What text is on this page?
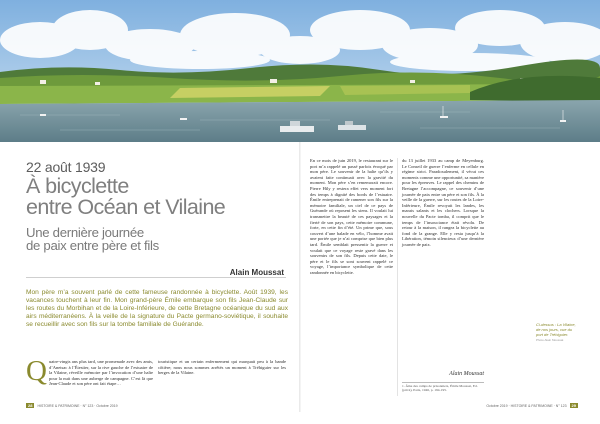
22 août 1939
À bicyclette
entre Océan et Vilaine
Une dernière journée
de paix entre père et fils
Alain Moussat

Mon père m’a souvent parlé de cette fameuse randonnée à bicyclette. Août 1939, les vacances touchent à leur fin. Mon grand-père Émile embarque son fils Jean-Claude sur les routes du Morbihan et de la Loire-Inférieure, de cette Bretagne océanique du sud aux airs méditerranéens. À la veille de la signature du Pacte germano-soviétique, il souhaite se recueillir avec son fils sur la tombe familiale de Guérande.

Q uatre-vingts ans plus tard, une promenade avec des amis, d’Anetsac à l’Étestier, sur la rive gauche de l’estuaire de la Vilaine, réveille mémoire par l’invocation d’une halte pour la nuit dans une auberge de campagne. C’est là que Jean-Claude et son père ont fait étape…
touristique et un certain enfermement qui marquait peu à la bande côtière; nous nous sommes arrêtés un moment à Tréhiguier sur les berges de la Vilaine.
28	HISTOIRE & PATRIMOINE · N° 123 · Octobre 2019
En ce mois de juin 2019, le restaurant sur le port m’a rappelé un passé parfois évoqué par mon père. Le souvenir de la halte qu’ils y avaient faite continuait avec la gravité du moment. Mon père s’en rememorait encore. Pierre Hily y restera effet vers moment fort des temps à dignité des bords de l’estuaire. Émile entreprenait de ramener son fils sur la mémoire familiale, un ciel de ce pays de Guérande où reposent les siens. Il voulait lui transmettre la beauté de ces paysages et la fierté de son pays, cette mémoire commune, forte, en cette fin d’été. Un prime que, sous couvert d’une balade en vélo, l’homme avait une portée que je n’ai comprise que bien plus tard. Émile semblait pressentir la guerre et voulait que ce voyage reste gravé dans les souvenirs de son fils. Depuis cette date, le père et le fils se sont souvent rappelé ce voyage, l’importance symbolique de cette randonnée en bicyclette.
du 13 juillet 1933 au camp de Meyenburg. Le Conseil de guerre l’enferme en cellule en régime strict. Paradoxalement, il vécut ces moments comme une opportunité, sa manière pour les épreuves. Le rappel des chemins de Bretagne l’accompagne, ce souvenir d’une journée de paix entre un père et son fils. À la veille de la guerre, sur les routes de la Loire-Inférieure, Émile revoyait les landes, les marais salants et les clochers. Lorsque la nouvelle du Pacte tomba, il comprit que le temps de l’insouciance était révolu. De retour à la maison, il rangea la bicyclette au fond de la grange. Elle y resta jusqu’à la Libération, témoin silencieux d’une dernière journée de paix.
Alain Moussat
1. Âme des camps de prisonniers, Émile Moussat, Ed. (privé), Paris, 1946, p. 194-195.
Ci-dessus : La Vilaine, de nos jours, vue du port de Tréhiguier.
Photo Alain Moussat
Octobre 2019 · HISTOIRE & PATRIMOINE · N° 123	29
